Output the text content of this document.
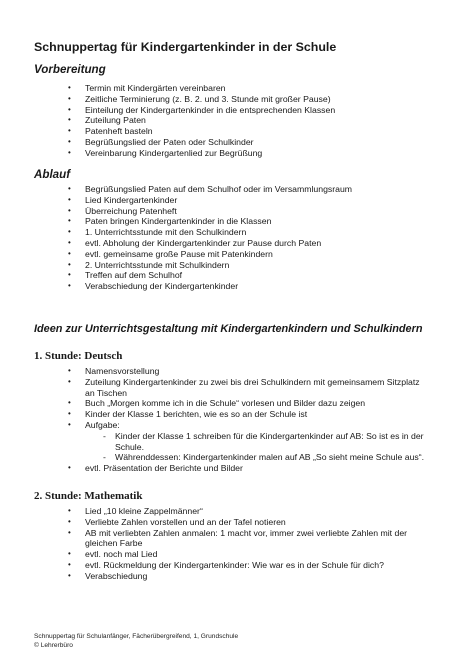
Schnuppertag für Kindergartenkinder in der Schule
Vorbereitung
• Termin mit Kindergärten vereinbaren
• Zeitliche Terminierung (z. B. 2. und 3. Stunde mit großer Pause)
• Einteilung der Kindergartenkinder in die entsprechenden Klassen
• Zuteilung Paten
• Patenheft basteln
• Begrüßungslied der Paten oder Schulkinder
• Vereinbarung Kindergartenlied zur Begrüßung
Ablauf
• Begrüßungslied Paten auf dem Schulhof oder im Versammlungsraum
• Lied Kindergartenkinder
• Überreichung Patenheft
• Paten bringen Kindergartenkinder in die Klassen
• 1. Unterrichtsstunde mit den Schulkindern
• evtl. Abholung der Kindergartenkinder zur Pause durch Paten
• evtl. gemeinsame große Pause mit Patenkindern
• 2. Unterrichtsstunde mit Schulkindern
• Treffen auf dem Schulhof
• Verabschiedung der Kindergartenkinder
Ideen zur Unterrichtsgestaltung mit Kindergartenkindern und Schulkindern
1. Stunde: Deutsch
• Namensvorstellung
• Zuteilung Kindergartenkinder zu zwei bis drei Schulkindern mit gemeinsamem Sitzplatz
an Tischen
• Buch „Morgen komme ich in die Schule“ vorlesen und Bilder dazu zeigen
• Kinder der Klasse 1 berichten, wie es so an der Schule ist
• Aufgabe:
- Kinder der Klasse 1 schreiben für die Kindergartenkinder auf AB: So ist es in der
Schule.
- Währenddessen: Kindergartenkinder malen auf AB „So sieht meine Schule aus“.
• evtl. Präsentation der Berichte und Bilder
2. Stunde: Mathematik
• Lied „10 kleine Zappelmänner“
• Verliebte Zahlen vorstellen und an der Tafel notieren
• AB mit verliebten Zahlen anmalen: 1 macht vor, immer zwei verliebte Zahlen mit der
gleichen Farbe
• evtl. noch mal Lied
• evtl. Rückmeldung der Kindergartenkinder: Wie war es in der Schule für dich?
• Verabschiedung
Schnuppertag für Schulanfänger, Fächerübergreifend, 1, Grundschule
© Lehrerbüro
